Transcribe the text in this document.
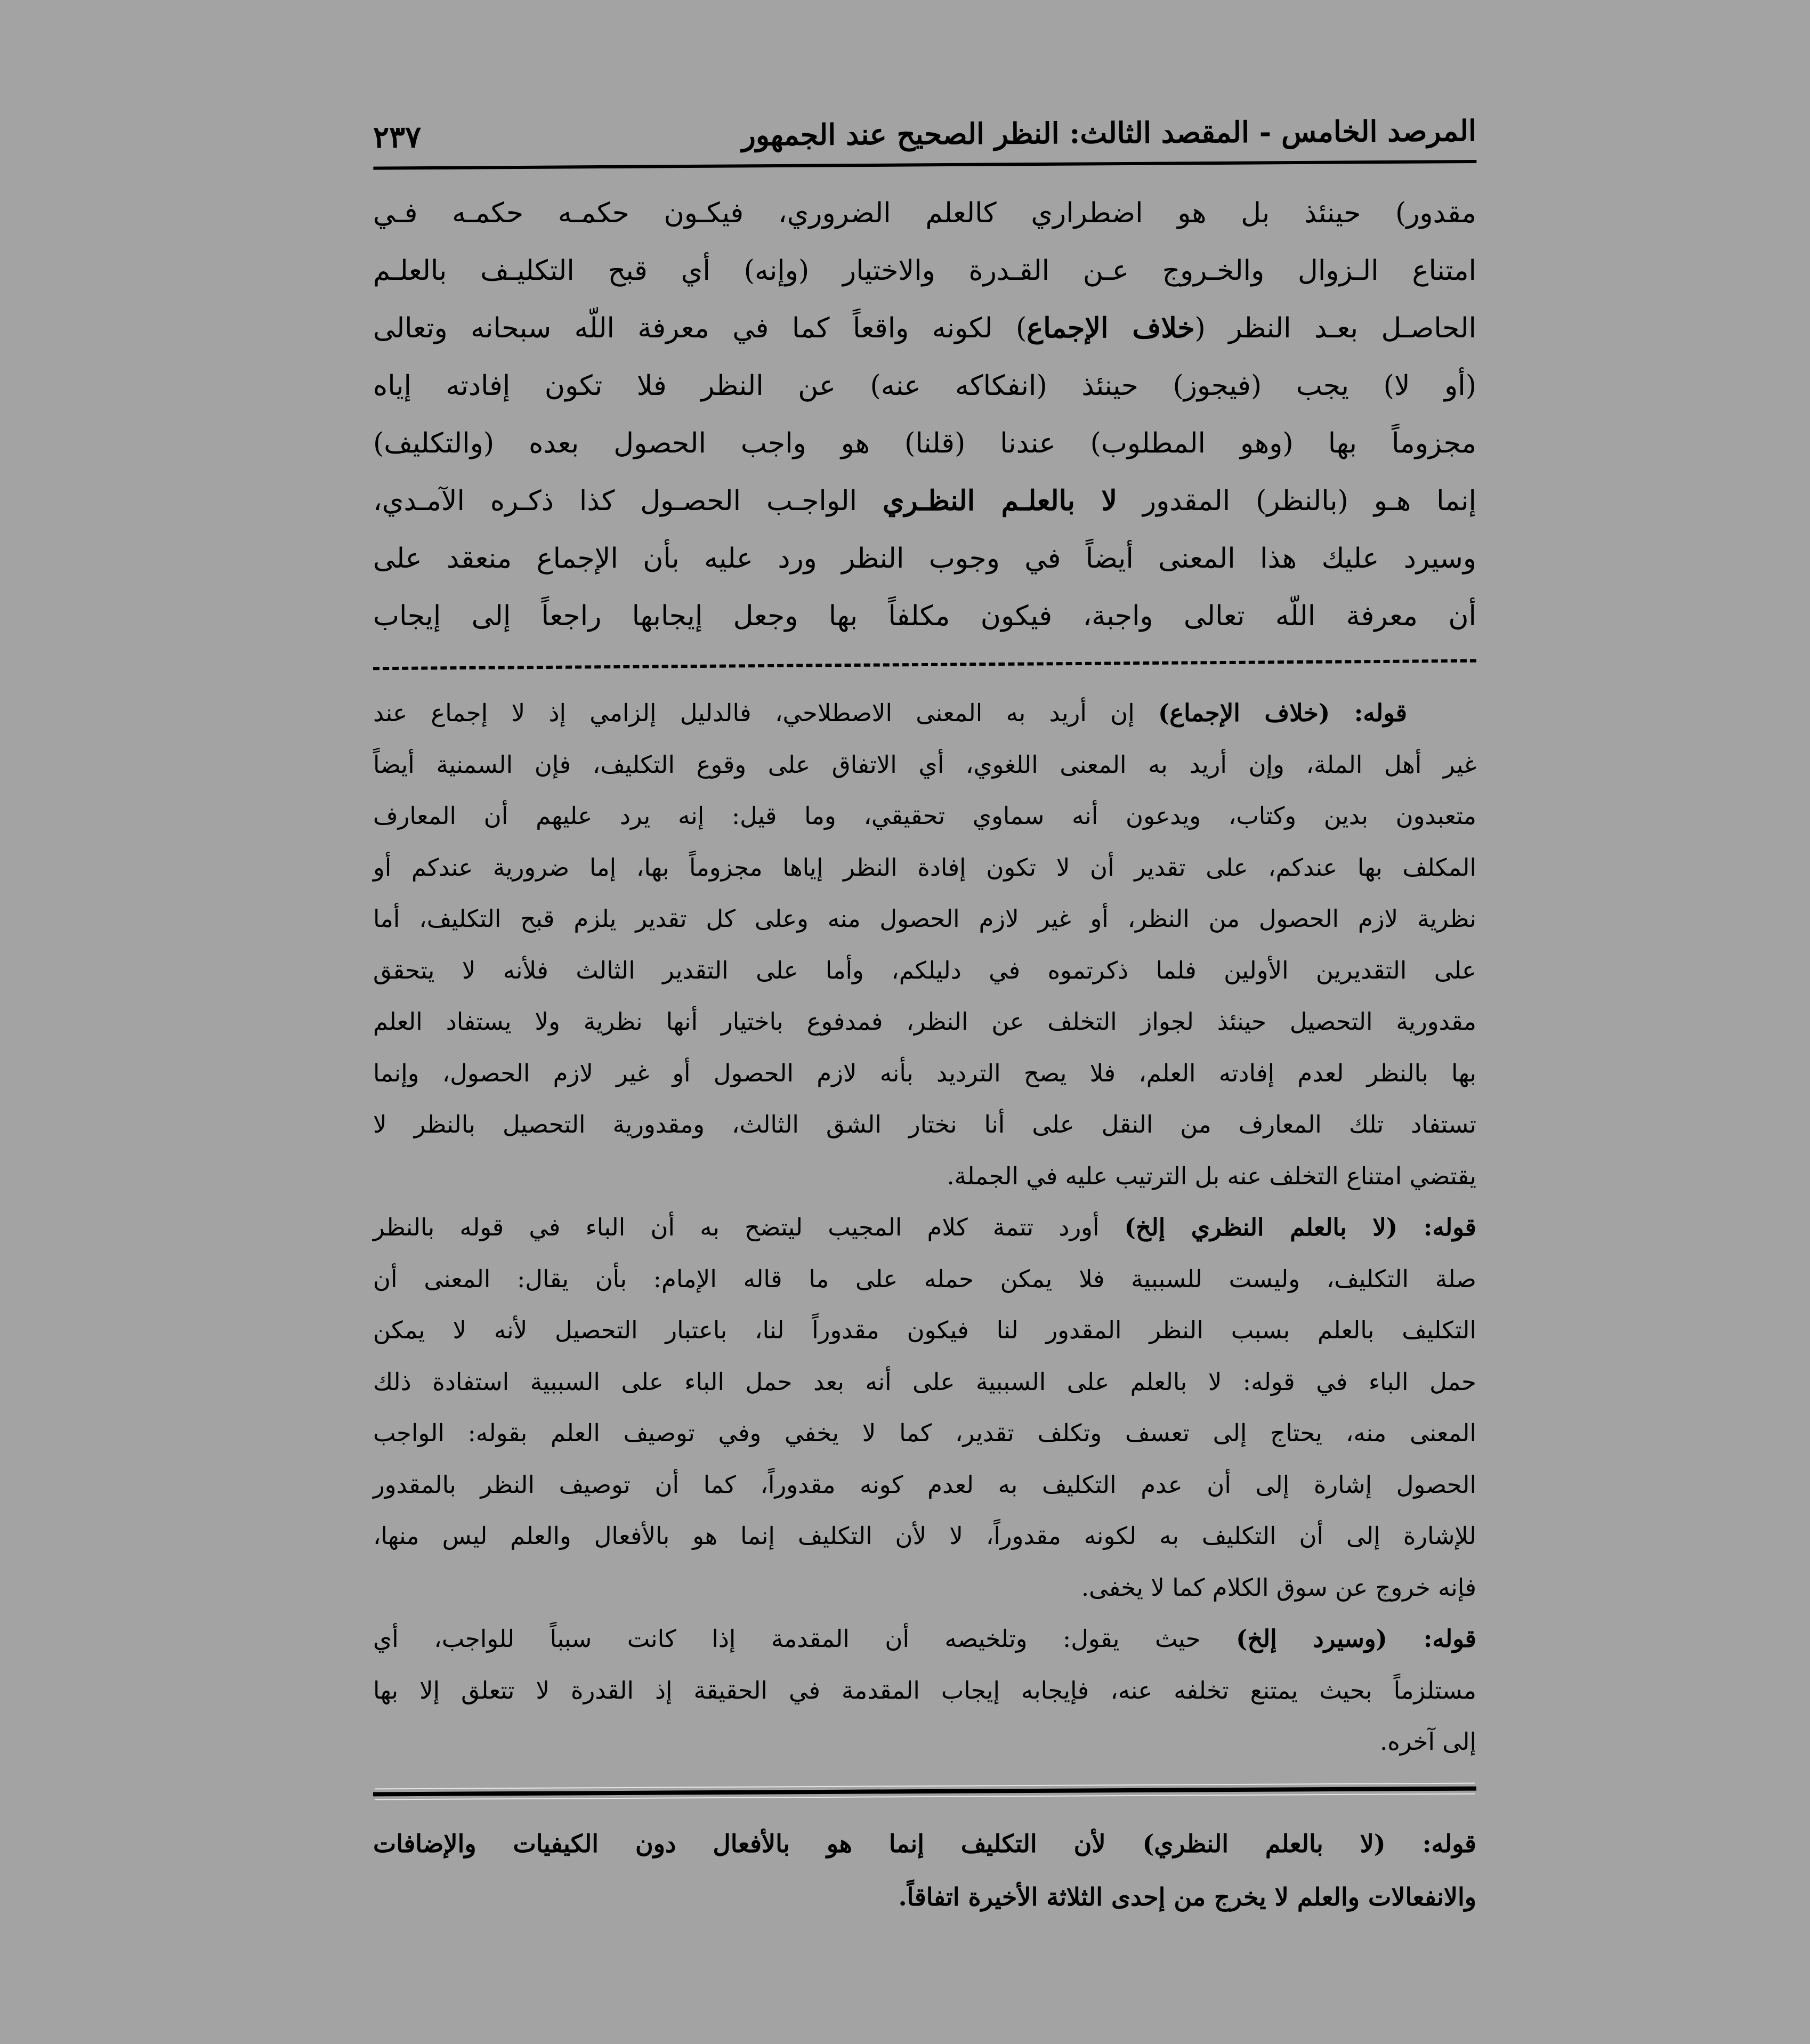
المرصد الخامس - المقصد الثالث: النظر الصحيح عند الجمهور
٢٣٧
مقدور) حينئذ بل هو اضطراري كالعلم الضروري، فيكـون حكمـه حكمـه فـي
امتناع الـزوال والخـروج عـن القـدرة والاختيار (وإنه) أي قبح التكليـف بالعلـم
الحاصـل بعـد النظر (خلاف الإجماع) لكونه واقعاً كما في معرفة اللّه سبحانه وتعالى
(أو لا) يجب (فيجوز) حينئذ (انفكاكه عنه) عن النظر فلا تكون إفادته إياه
مجزوماً بها (وهو المطلوب) عندنا (قلنا) هو واجب الحصول بعده (والتكليف)
إنما هـو (بالنظر) المقدور لا بالعلـم النظـري الواجـب الحصـول كذا ذكـره الآمـدي،
وسيرد عليك هذا المعنى أيضاً في وجوب النظر ورد عليه بأن الإجماع منعقد على
أن معرفة اللّه تعالى واجبة، فيكون مكلفاً بها وجعل إيجابها راجعاً إلى إيجاب
قوله: (خلاف الإجماع) إن أريد به المعنى الاصطلاحي، فالدليل إلزامي إذ لا إجماع عند
غير أهل الملة، وإن أريد به المعنى اللغوي، أي الاتفاق على وقوع التكليف، فإن السمنية أيضاً
متعبدون بدين وكتاب، ويدعون أنه سماوي تحقيقي، وما قيل: إنه يرد عليهم أن المعارف
المكلف بها عندكم، على تقدير أن لا تكون إفادة النظر إياها مجزوماً بها، إما ضرورية عندكم أو
نظرية لازم الحصول من النظر، أو غير لازم الحصول منه وعلى كل تقدير يلزم قبح التكليف، أما
على التقديرين الأولين فلما ذكرتموه في دليلكم، وأما على التقدير الثالث فلأنه لا يتحقق
مقدورية التحصيل حينئذ لجواز التخلف عن النظر، فمدفوع باختيار أنها نظرية ولا يستفاد العلم
بها بالنظر لعدم إفادته العلم، فلا يصح الترديد بأنه لازم الحصول أو غير لازم الحصول، وإنما
تستفاد تلك المعارف من النقل على أنا نختار الشق الثالث، ومقدورية التحصيل بالنظر لا
يقتضي امتناع التخلف عنه بل الترتيب عليه في الجملة.
قوله: (لا بالعلم النظري إلخ) أورد تتمة كلام المجيب ليتضح به أن الباء في قوله بالنظر
صلة التكليف، وليست للسببية فلا يمكن حمله على ما قاله الإمام: بأن يقال: المعنى أن
التكليف بالعلم بسبب النظر المقدور لنا فيكون مقدوراً لنا، باعتبار التحصيل لأنه لا يمكن
حمل الباء في قوله: لا بالعلم على السببية على أنه بعد حمل الباء على السببية استفادة ذلك
المعنى منه، يحتاج إلى تعسف وتكلف تقدير، كما لا يخفي وفي توصيف العلم بقوله: الواجب
الحصول إشارة إلى أن عدم التكليف به لعدم كونه مقدوراً، كما أن توصيف النظر بالمقدور
للإشارة إلى أن التكليف به لكونه مقدوراً، لا لأن التكليف إنما هو بالأفعال والعلم ليس منها،
فإنه خروج عن سوق الكلام كما لا يخفى.
قوله: (وسيرد إلخ) حيث يقول: وتلخيصه أن المقدمة إذا كانت سبباً للواجب، أي
مستلزماً بحيث يمتنع تخلفه عنه، فإيجابه إيجاب المقدمة في الحقيقة إذ القدرة لا تتعلق إلا بها
إلى آخره.
قوله: (لا بالعلم النظري) لأن التكليف إنما هو بالأفعال دون الكيفيات والإضافات
والانفعالات والعلم لا يخرج من إحدى الثلاثة الأخيرة اتفاقاً.
